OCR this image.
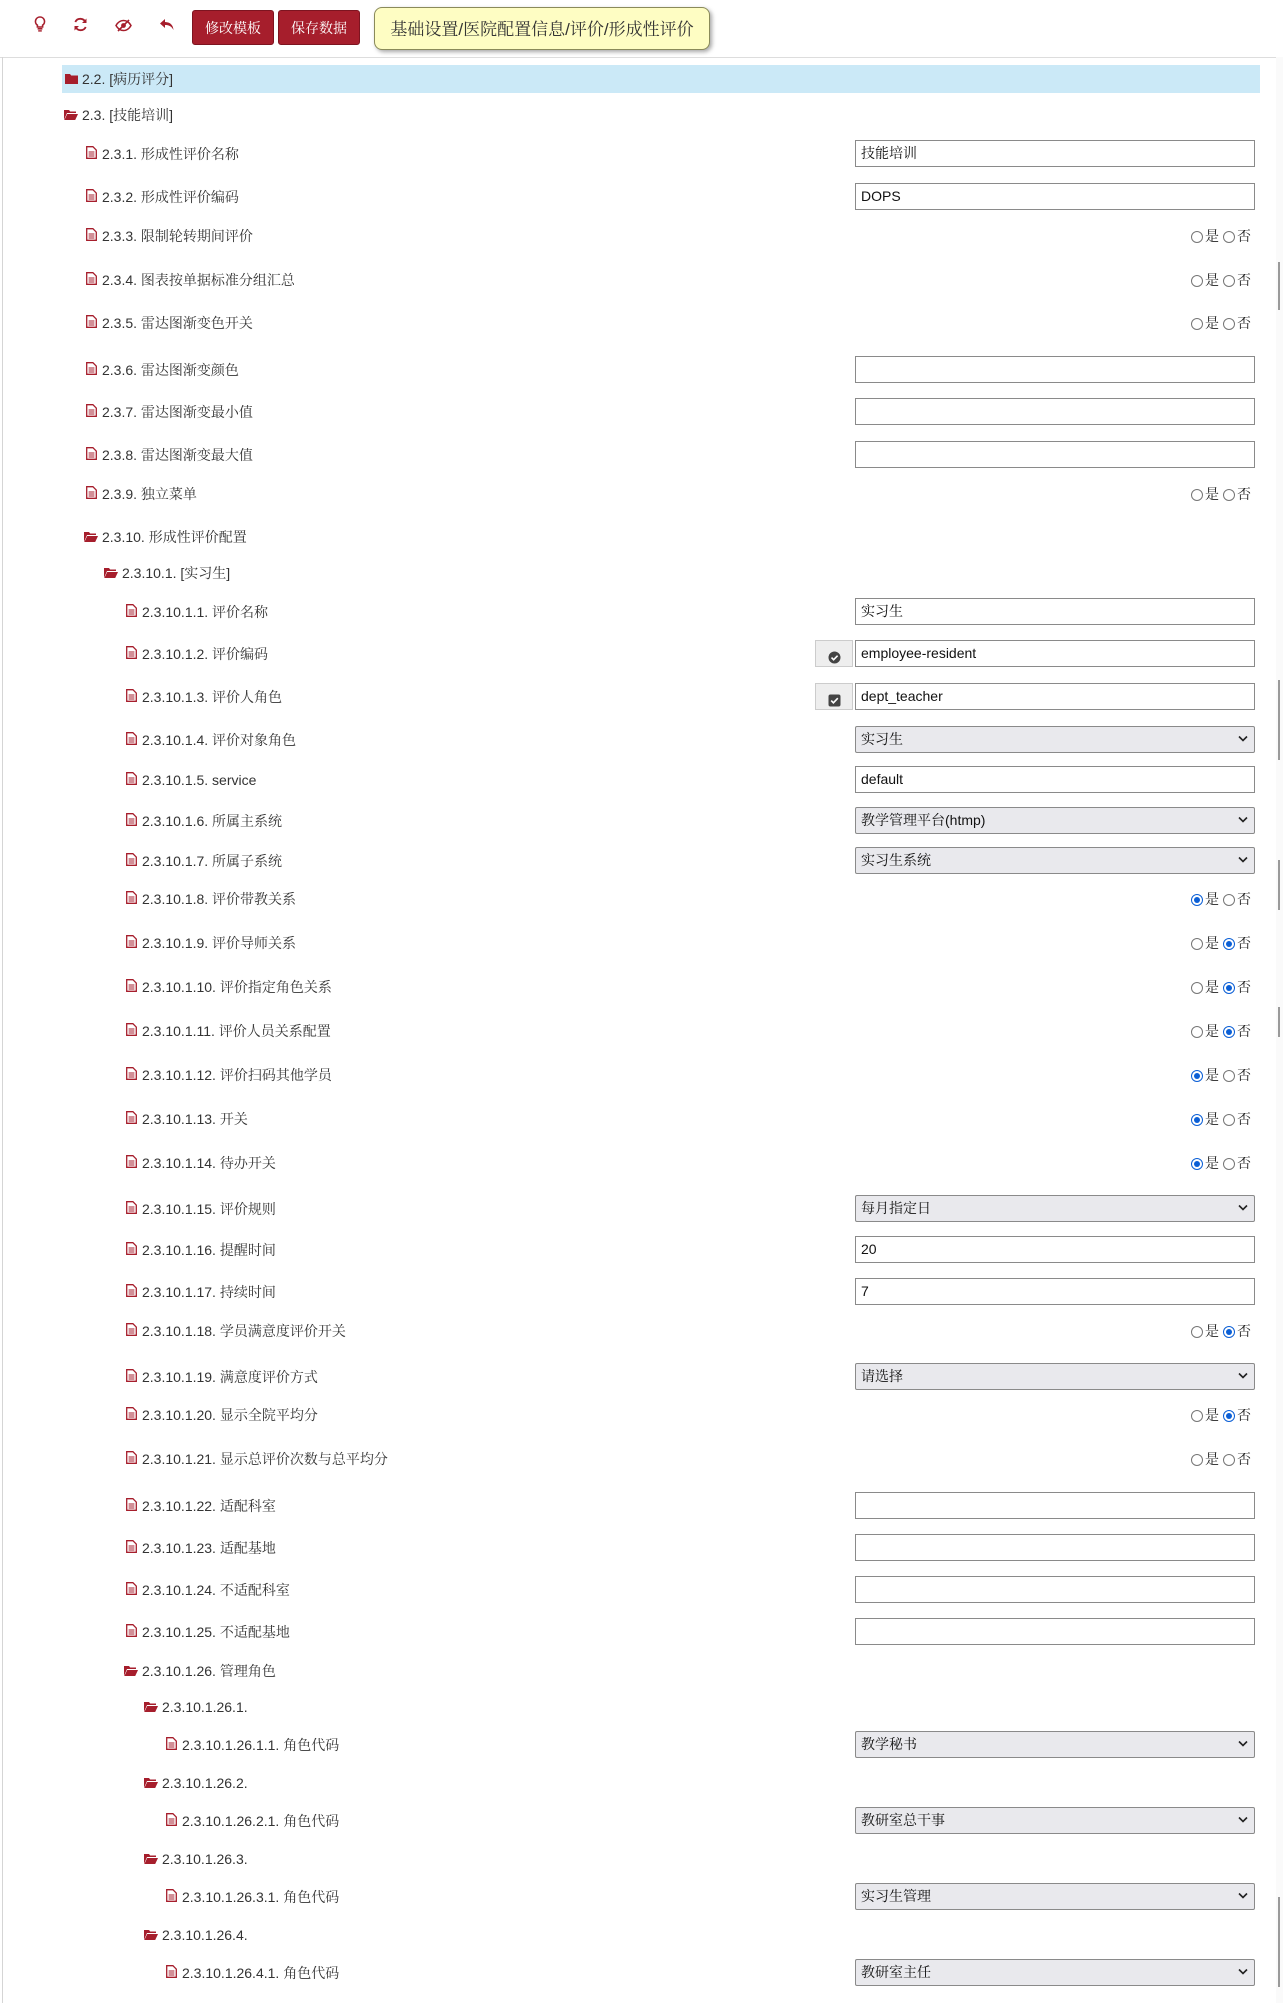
修改模板	保存数据	基础设置/医院配置信息/评价/形成性评价
2.2. [病历评分]
2.3. [技能培训]
2.3.1. 形成性评价名称	技能培训
2.3.2. 形成性评价编码	DOPS
2.3.3. 限制轮转期间评价	是 否
2.3.4. 图表按单据标准分组汇总	是 否
2.3.5. 雷达图渐变色开关	是 否
2.3.6. 雷达图渐变颜色
2.3.7. 雷达图渐变最小值
2.3.8. 雷达图渐变最大值
2.3.9. 独立菜单	是 否
2.3.10. 形成性评价配置
2.3.10.1. [实习生]
2.3.10.1.1. 评价名称	实习生
2.3.10.1.2. 评价编码	employee-resident
2.3.10.1.3. 评价人角色	dept_teacher
2.3.10.1.4. 评价对象角色	实习生
2.3.10.1.5. service	default
2.3.10.1.6. 所属主系统	教学管理平台(htmp)
2.3.10.1.7. 所属子系统	实习生系统
2.3.10.1.8. 评价带教关系	是 否
2.3.10.1.9. 评价导师关系	是 否
2.3.10.1.10. 评价指定角色关系	是 否
2.3.10.1.11. 评价人员关系配置	是 否
2.3.10.1.12. 评价扫码其他学员	是 否
2.3.10.1.13. 开关	是 否
2.3.10.1.14. 待办开关	是 否
2.3.10.1.15. 评价规则	每月指定日
2.3.10.1.16. 提醒时间	20
2.3.10.1.17. 持续时间	7
2.3.10.1.18. 学员满意度评价开关	是 否
2.3.10.1.19. 满意度评价方式	请选择
2.3.10.1.20. 显示全院平均分	是 否
2.3.10.1.21. 显示总评价次数与总平均分	是 否
2.3.10.1.22. 适配科室
2.3.10.1.23. 适配基地
2.3.10.1.24. 不适配科室
2.3.10.1.25. 不适配基地
2.3.10.1.26. 管理角色
2.3.10.1.26.1.
2.3.10.1.26.1.1. 角色代码	教学秘书
2.3.10.1.26.2.
2.3.10.1.26.2.1. 角色代码	教研室总干事
2.3.10.1.26.3.
2.3.10.1.26.3.1. 角色代码	实习生管理
2.3.10.1.26.4.
2.3.10.1.26.4.1. 角色代码	教研室主任
